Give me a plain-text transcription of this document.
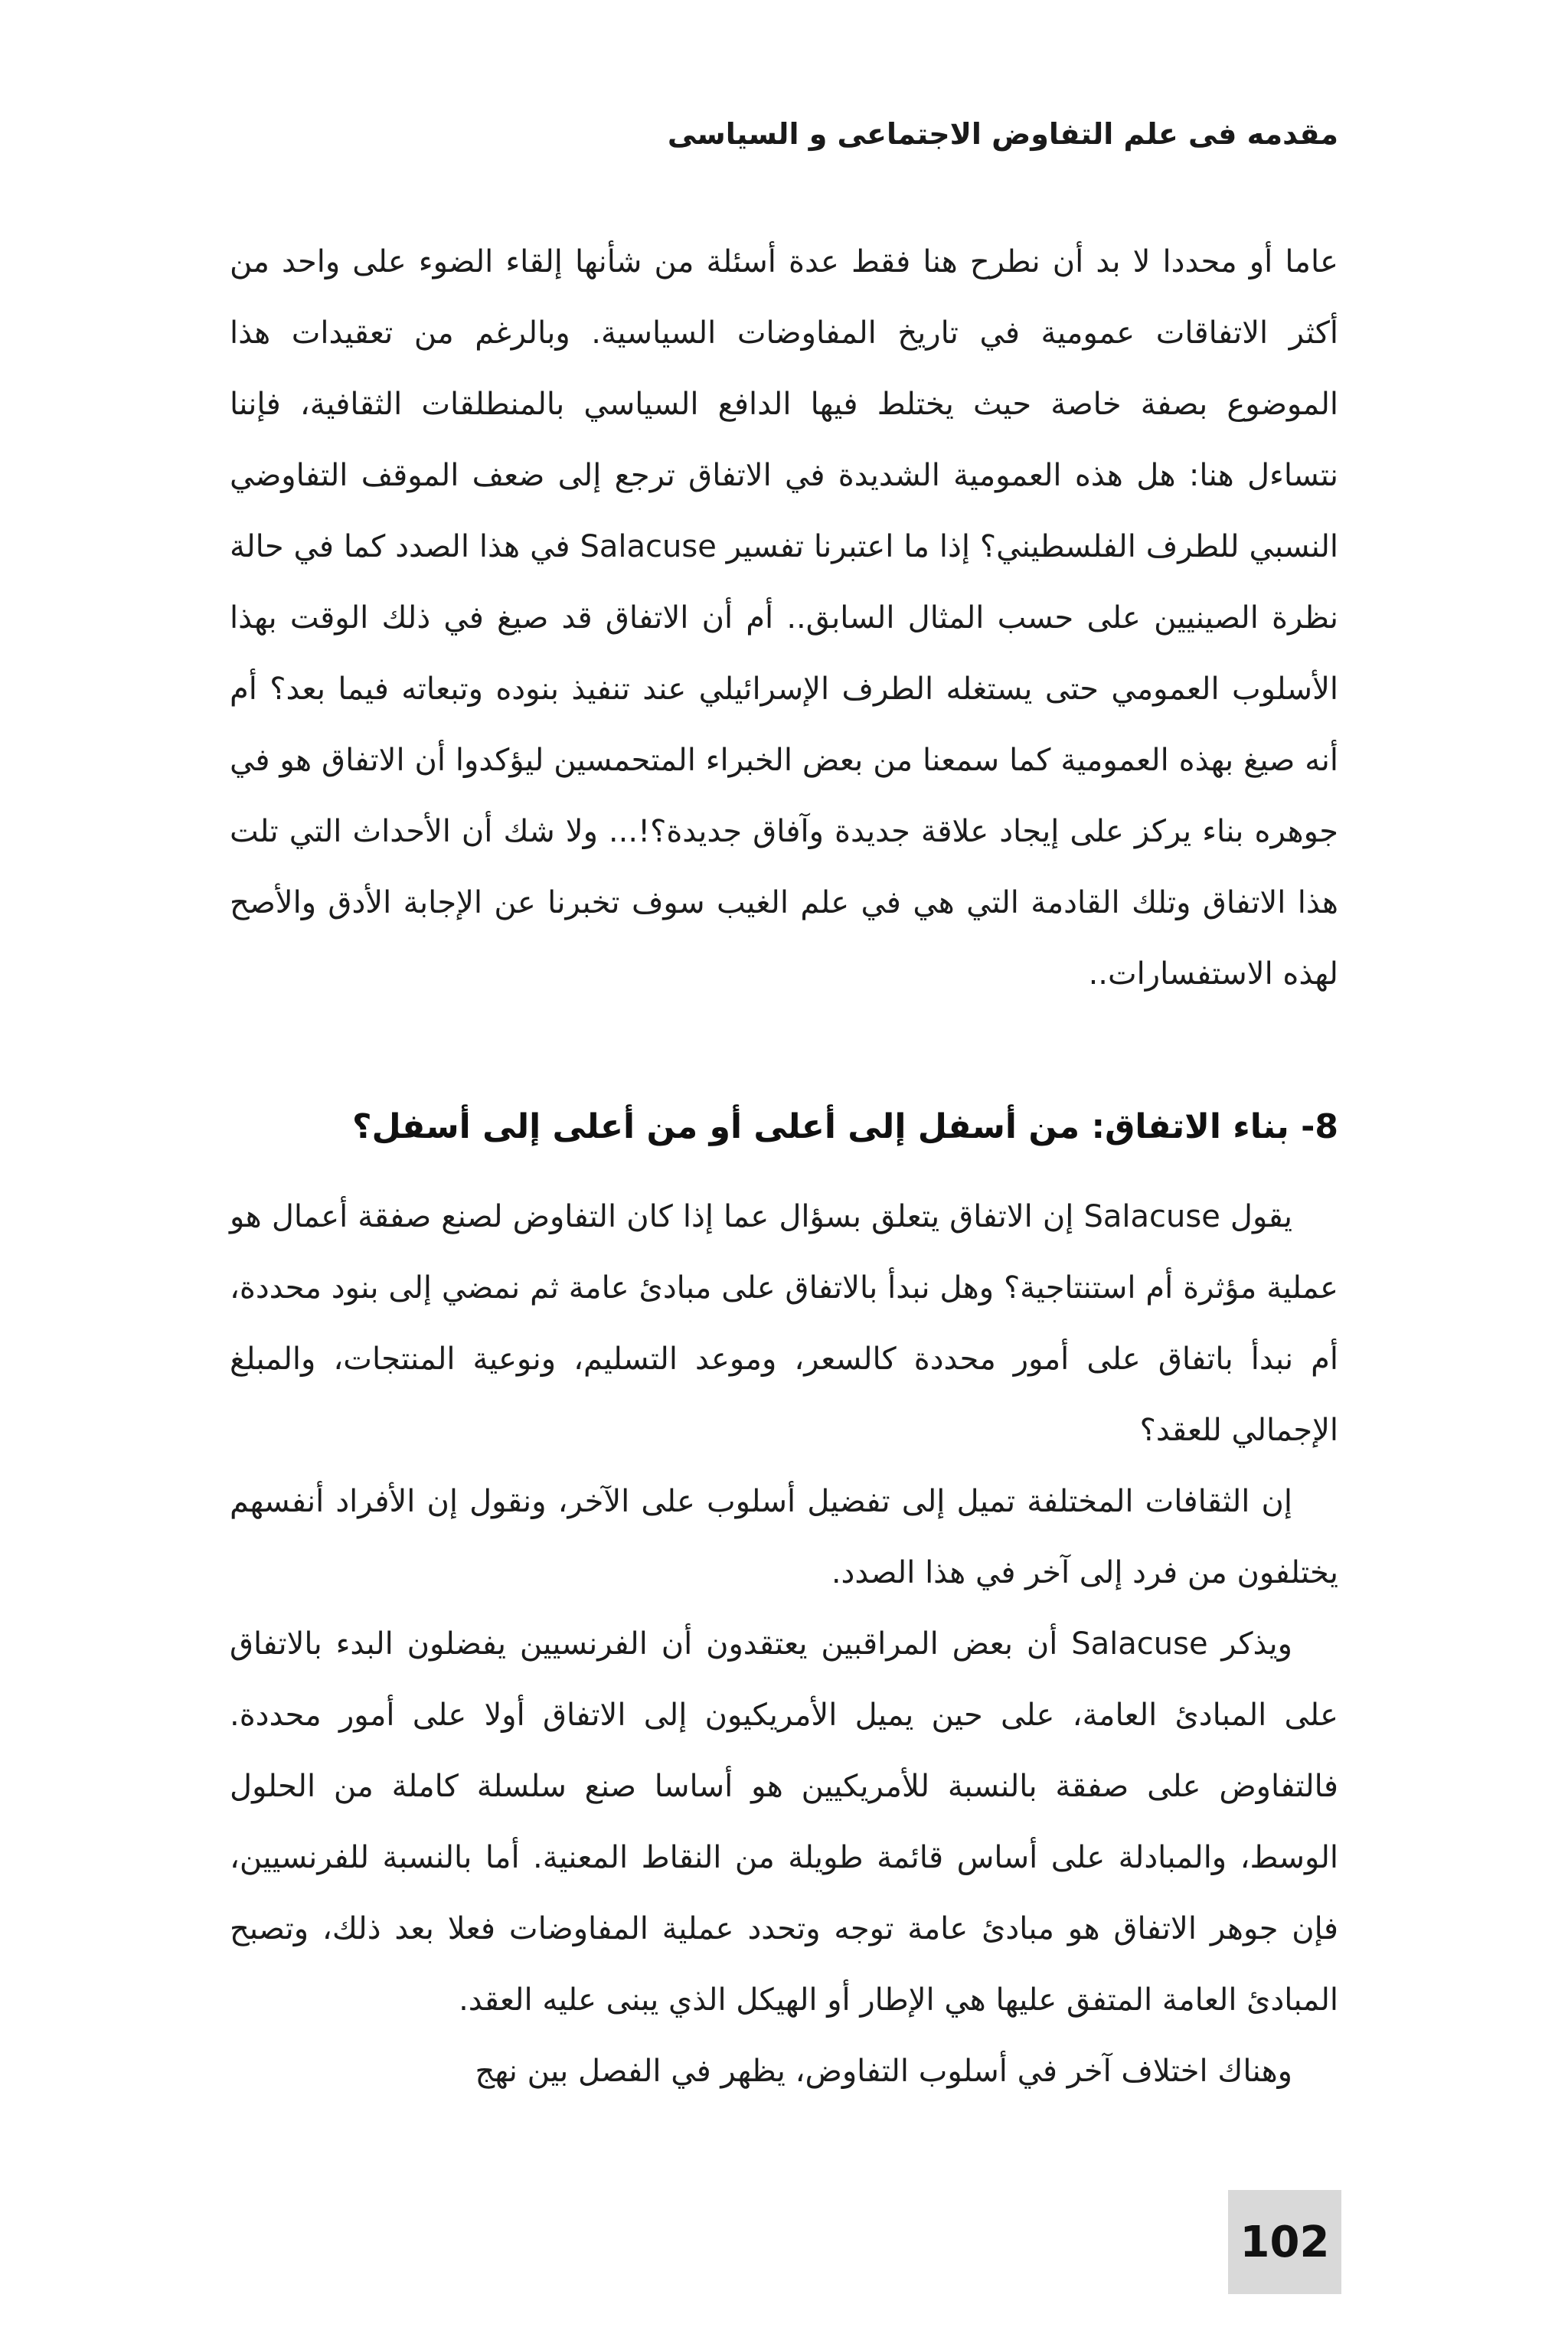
مقدمه فى علم التفاوض الاجتماعى و السياسى

عاما أو محددا لا بد أن نطرح هنا فقط عدة أسئلة من شأنها إلقاء الضوء على واحد من أكثر الاتفاقات عمومية في تاريخ المفاوضات السياسية. وبالرغم من تعقيدات هذا الموضوع بصفة خاصة حيث يختلط فيها الدافع السياسي بالمنطلقات الثقافية، فإننا نتساءل هنا: هل هذه العمومية الشديدة في الاتفاق ترجع إلى ضعف الموقف التفاوضي النسبي للطرف الفلسطيني؟ إذا ما اعتبرنا تفسير Salacuse في هذا الصدد كما في حالة نظرة الصينيين على حسب المثال السابق.. أم أن الاتفاق قد صيغ في ذلك الوقت بهذا الأسلوب العمومي حتى يستغله الطرف الإسرائيلي عند تنفيذ بنوده وتبعاته فيما بعد؟ أم أنه صيغ بهذه العمومية كما سمعنا من بعض الخبراء المتحمسين ليؤكدوا أن الاتفاق هو في جوهره بناء يركز على إيجاد علاقة جديدة وآفاق جديدة؟!... ولا شك أن الأحداث التي تلت هذا الاتفاق وتلك القادمة التي هي في علم الغيب سوف تخبرنا عن الإجابة الأدق والأصح لهذه الاستفسارات..

8- بناء الاتفاق: من أسفل إلى أعلى أو من أعلى إلى أسفل؟

يقول Salacuse إن الاتفاق يتعلق بسؤال عما إذا كان التفاوض لصنع صفقة أعمال هو عملية مؤثرة أم استنتاجية؟ وهل نبدأ بالاتفاق على مبادئ عامة ثم نمضي إلى بنود محددة، أم نبدأ باتفاق على أمور محددة كالسعر، وموعد التسليم، ونوعية المنتجات، والمبلغ الإجمالي للعقد؟

إن الثقافات المختلفة تميل إلى تفضيل أسلوب على الآخر، ونقول إن الأفراد أنفسهم يختلفون من فرد إلى آخر في هذا الصدد.

ويذكر Salacuse أن بعض المراقبين يعتقدون أن الفرنسيين يفضلون البدء بالاتفاق على المبادئ العامة، على حين يميل الأمريكيون إلى الاتفاق أولا على أمور محددة. فالتفاوض على صفقة بالنسبة للأمريكيين هو أساسا صنع سلسلة كاملة من الحلول الوسط، والمبادلة على أساس قائمة طويلة من النقاط المعنية. أما بالنسبة للفرنسيين، فإن جوهر الاتفاق هو مبادئ عامة توجه وتحدد عملية المفاوضات فعلا بعد ذلك، وتصبح المبادئ العامة المتفق عليها هي الإطار أو الهيكل الذي يبنى عليه العقد.

وهناك اختلاف آخر في أسلوب التفاوض، يظهر في الفصل بين نهج

102
